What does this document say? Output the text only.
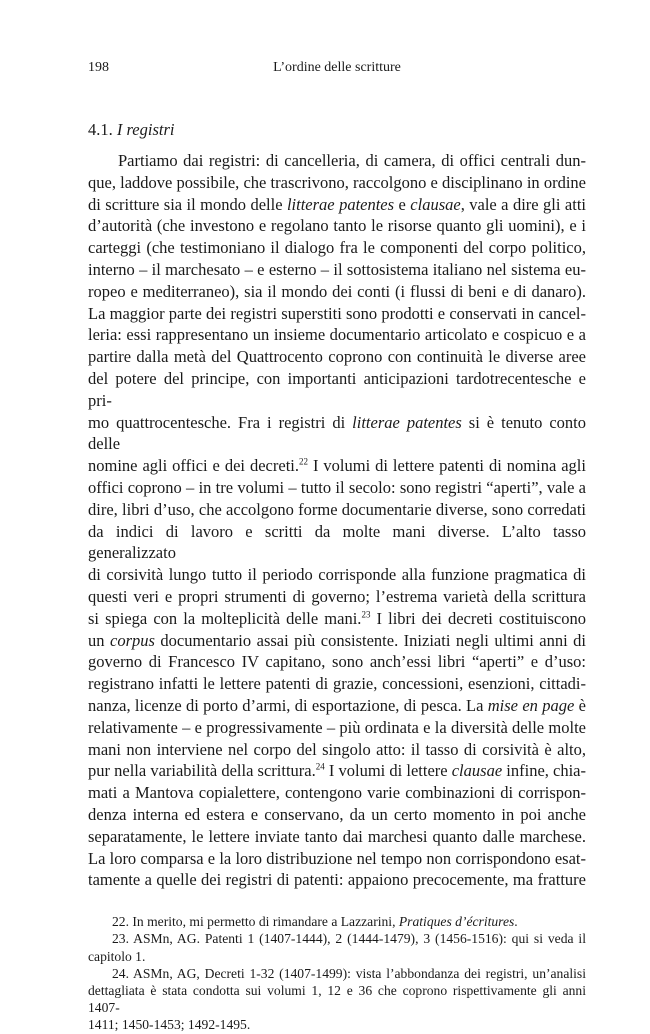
198	L’ordine delle scritture
4.1. I registri
Partiamo dai registri: di cancelleria, di camera, di offici centrali dun-
que, laddove possibile, che trascrivono, raccolgono e disciplinano in ordine
di scritture sia il mondo delle litterae patentes e clausae, vale a dire gli atti
d’autorità (che investono e regolano tanto le risorse quanto gli uomini), e i
carteggi (che testimoniano il dialogo fra le componenti del corpo politico,
interno – il marchesato – e esterno – il sottosistema italiano nel sistema eu-
ropeo e mediterraneo), sia il mondo dei conti (i flussi di beni e di danaro).
La maggior parte dei registri superstiti sono prodotti e conservati in cancel-
leria: essi rappresentano un insieme documentario articolato e cospicuo e a
partire dalla metà del Quattrocento coprono con continuità le diverse aree
del potere del principe, con importanti anticipazioni tardotrecentesche e pri-
mo quattrocentesche. Fra i registri di litterae patentes si è tenuto conto delle
nomine agli offici e dei decreti.$^{22}$ I volumi di lettere patenti di nomina agli
offici coprono – in tre volumi – tutto il secolo: sono registri “aperti”, vale a
dire, libri d’uso, che accolgono forme documentarie diverse, sono corredati
da indici di lavoro e scritti da molte mani diverse. L’alto tasso generalizzato
di corsività lungo tutto il periodo corrisponde alla funzione pragmatica di
questi veri e propri strumenti di governo; l’estrema varietà della scrittura
si spiega con la molteplicità delle mani.$^{23}$ I libri dei decreti costituiscono
un corpus documentario assai più consistente. Iniziati negli ultimi anni di
governo di Francesco IV capitano, sono anch’essi libri “aperti” e d’uso:
registrano infatti le lettere patenti di grazie, concessioni, esenzioni, cittadi-
nanza, licenze di porto d’armi, di esportazione, di pesca. La mise en page è
relativamente – e progressivamente – più ordinata e la diversità delle molte
mani non interviene nel corpo del singolo atto: il tasso di corsività è alto,
pur nella variabilità della scrittura.$^{24}$ I volumi di lettere clausae infine, chia-
mati a Mantova copialettere, contengono varie combinazioni di corrispon-
denza interna ed estera e conservano, da un certo momento in poi anche
separatamente, le lettere inviate tanto dai marchesi quanto dalle marchese.
La loro comparsa e la loro distribuzione nel tempo non corrispondono esat-
tamente a quelle dei registri di patenti: appaiono precocemente, ma fratture
22. In merito, mi permetto di rimandare a Lazzarini, Pratiques d’écritures.
23. ASMn, AG. Patenti 1 (1407-1444), 2 (1444-1479), 3 (1456-1516): qui si veda il
capitolo 1.
24. ASMn, AG, Decreti 1-32 (1407-1499): vista l’abbondanza dei registri, un’analisi
dettagliata è stata condotta sui volumi 1, 12 e 36 che coprono rispettivamente gli anni 1407-
1411; 1450-1453; 1492-1495.
